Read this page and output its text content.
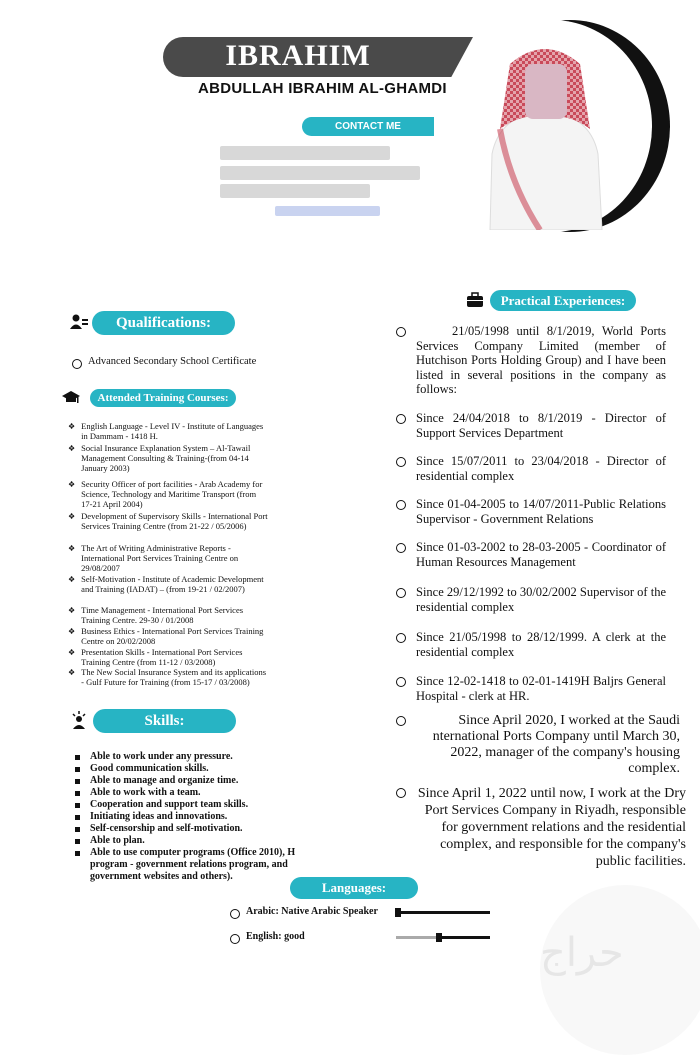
IBRAHIM
ABDULLAH IBRAHIM AL-GHAMDI
CONTACT ME
Qualifications:
Advanced Secondary School Certificate
Attended Training Courses:
❖ English Language - Level IV - Institute of Languages in Dammam - 1418 H.
❖ Social Insurance Explanation System – Al-Tawail Management Consulting & Training-(from 04-14 January 2003)
❖ Security Officer of port facilities - Arab Academy for Science, Technology and Maritime Transport (from 17-21 April 2004)
❖ Development of Supervisory Skills - International Port Services Training Centre (from 21-22 / 05/2006)
❖ The Art of Writing Administrative Reports - International Port Services Training Centre on 29/08/2007
❖ Self-Motivation - Institute of Academic Development and Training (IADAT) – (from 19-21 / 02/2007)
❖ Time Management - International Port Services Training Centre. 29-30 / 01/2008
❖ Business Ethics - International Port Services Training Centre on 20/02/2008
❖ Presentation Skills - International Port Services Training Centre (from 11-12 / 03/2008)
❖ The New Social Insurance System and its applications - Gulf Future for Training (from 15-17 / 03/2008)
Skills:
Able to work under any pressure.
Good communication skills.
Able to manage and organize time.
Able to work with a team.
Cooperation and support team skills.
Initiating ideas and innovations.
Self-censorship and self-motivation.
Able to plan.
Able to use computer programs (Office 2010), H program - government relations program, and government websites and others).
Languages:
Arabic: Native Arabic Speaker
English: good
Practical Experiences:
21/05/1998 until 8/1/2019, World Ports Services Company Limited (member of Hutchison Ports Holding Group) and I have been listed in several positions in the company as follows:
Since 24/04/2018 to 8/1/2019 - Director of Support Services Department
Since 15/07/2011 to 23/04/2018 - Director of residential complex
Since 01-04-2005 to 14/07/2011-Public Relations Supervisor - Government Relations
Since 01-03-2002 to 28-03-2005 - Coordinator of Human Resources Management
Since 29/12/1992 to 30/02/2002 Supervisor of the residential complex
Since 21/05/1998 to 28/12/1999. A clerk at the residential complex
Since 12-02-1418 to 02-01-1419H Baljrs General Hospital - clerk at HR.
Since April 2020, I worked at the Saudi nternational Ports Company until March 30, 2022, manager of the company's housing complex.
Since April 1, 2022 until now, I work at the Dry Port Services Company in Riyadh, responsible for government relations and the residential complex, and responsible for the company's public facilities.
حراج
